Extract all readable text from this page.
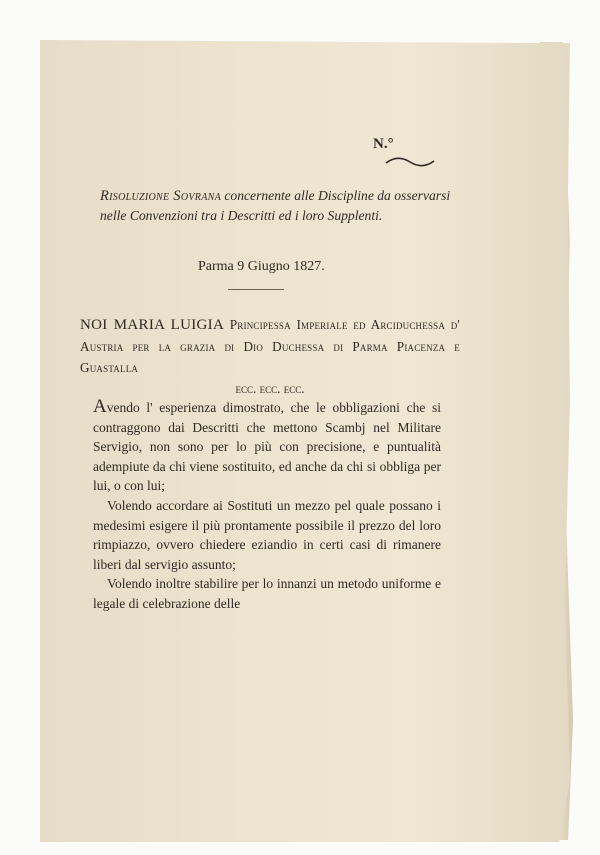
N.°
Risoluzione Sovrana concernente alle Discipline da osservarsi nelle Convenzioni tra i Descritti ed i loro Supplenti.
Parma 9 Giugno 1827.
NOI MARIA LUIGIA Principessa Imperiale ed Arciduchessa d' Austria per la grazia di Dio Duchessa di Parma Piacenza e Guastalla
ecc. ecc. ecc.

Avendo l' esperienza dimostrato, che le obbligazioni che si contraggono dai Descritti che mettono Scambj nel Militare Servigio, non sono per lo più con precisione, e puntualità adempiute da chi viene sostituito, ed anche da chi si obbliga per lui, o con lui;

Volendo accordare ai Sostituti un mezzo pel quale possano i medesimi esigere il più prontamente possibile il prezzo del loro rimpiazzo, ovvero chiedere eziandio in certi casi di rimanere liberi dal servigio assunto;

Volendo inoltre stabilire per lo innanzi un metodo uniforme e legale di celebrazione delle
